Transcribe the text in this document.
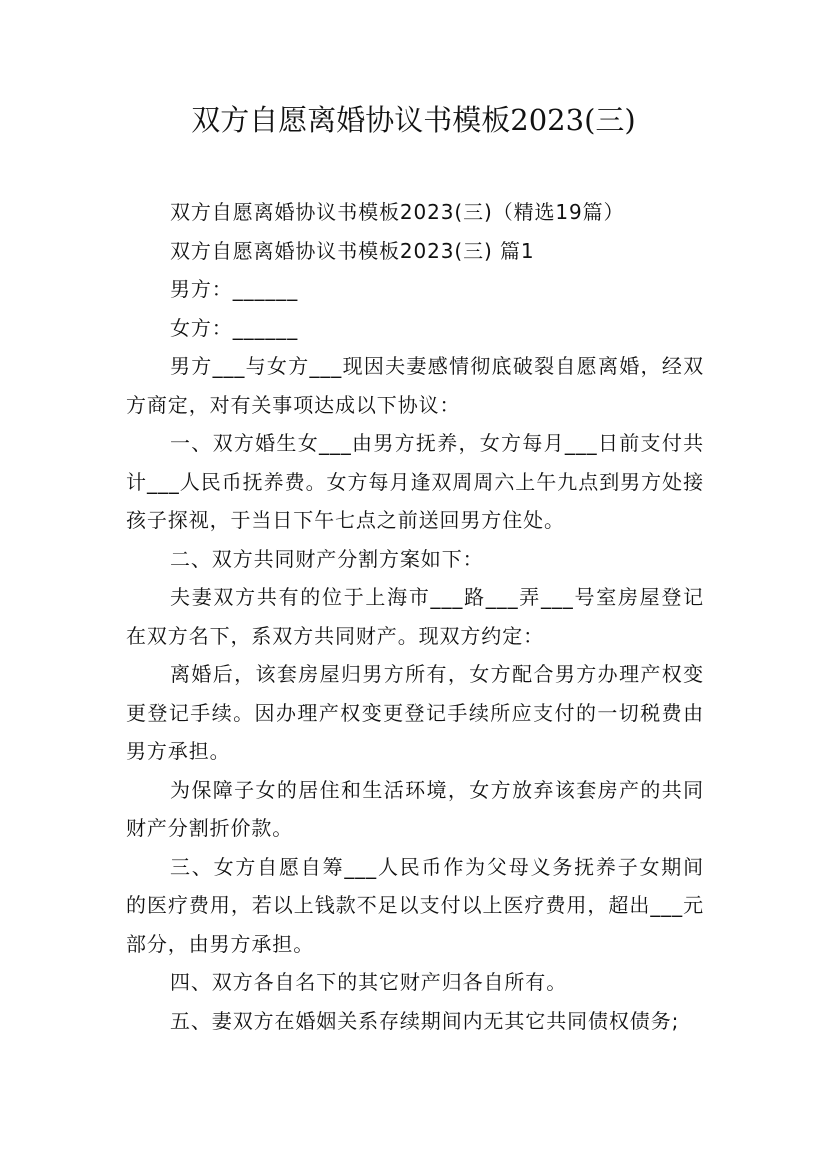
双方自愿离婚协议书模板2023(三)

双方自愿离婚协议书模板2023(三)（精选19篇）

双方自愿离婚协议书模板2023(三) 篇1

男方：______

女方：______

男方___与女方___现因夫妻感情彻底破裂自愿离婚，经双方商定，对有关事项达成以下协议：

一、双方婚生女___由男方抚养，女方每月___日前支付共计___人民币抚养费。女方每月逢双周周六上午九点到男方处接孩子探视，于当日下午七点之前送回男方住处。

二、双方共同财产分割方案如下：

夫妻双方共有的位于上海市___路___弄___号室房屋登记在双方名下，系双方共同财产。现双方约定：

离婚后，该套房屋归男方所有，女方配合男方办理产权变更登记手续。因办理产权变更登记手续所应支付的一切税费由男方承担。

为保障子女的居住和生活环境，女方放弃该套房产的共同财产分割折价款。

三、女方自愿自筹___人民币作为父母义务抚养子女期间的医疗费用，若以上钱款不足以支付以上医疗费用，超出___元部分，由男方承担。

四、双方各自名下的其它财产归各自所有。

五、妻双方在婚姻关系存续期间内无其它共同债权债务;
